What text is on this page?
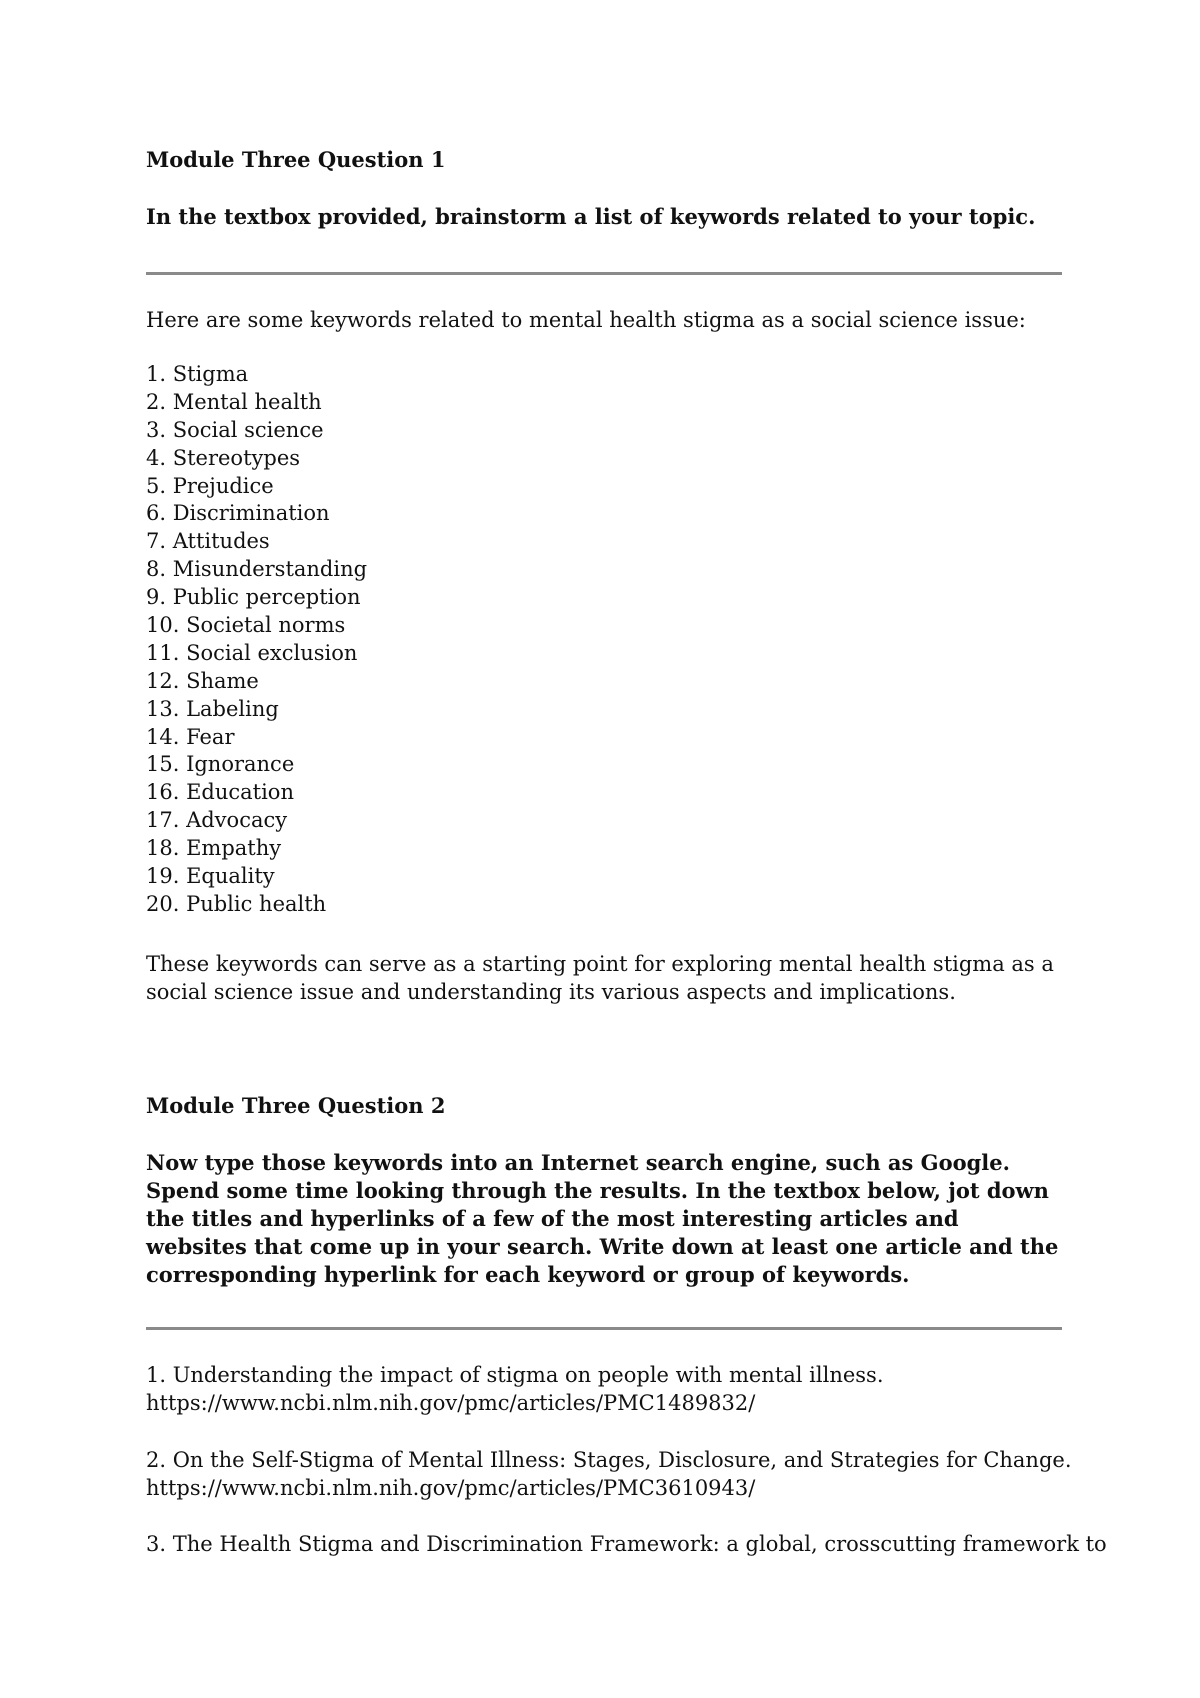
Module Three Question 1

In the textbox provided, brainstorm a list of keywords related to your topic.

Here are some keywords related to mental health stigma as a social science issue:

1. Stigma
2. Mental health
3. Social science
4. Stereotypes
5. Prejudice
6. Discrimination
7. Attitudes
8. Misunderstanding
9. Public perception
10. Societal norms
11. Social exclusion
12. Shame
13. Labeling
14. Fear
15. Ignorance
16. Education
17. Advocacy
18. Empathy
19. Equality
20. Public health

These keywords can serve as a starting point for exploring mental health stigma as a social science issue and understanding its various aspects and implications.

Module Three Question 2

Now type those keywords into an Internet search engine, such as Google. Spend some time looking through the results. In the textbox below, jot down the titles and hyperlinks of a few of the most interesting articles and websites that come up in your search. Write down at least one article and the corresponding hyperlink for each keyword or group of keywords.

1. Understanding the impact of stigma on people with mental illness.
https://www.ncbi.nlm.nih.gov/pmc/articles/PMC1489832/
2. On the Self-Stigma of Mental Illness: Stages, Disclosure, and Strategies for Change.
https://www.ncbi.nlm.nih.gov/pmc/articles/PMC3610943/
3. The Health Stigma and Discrimination Framework: a global, crosscutting framework to
